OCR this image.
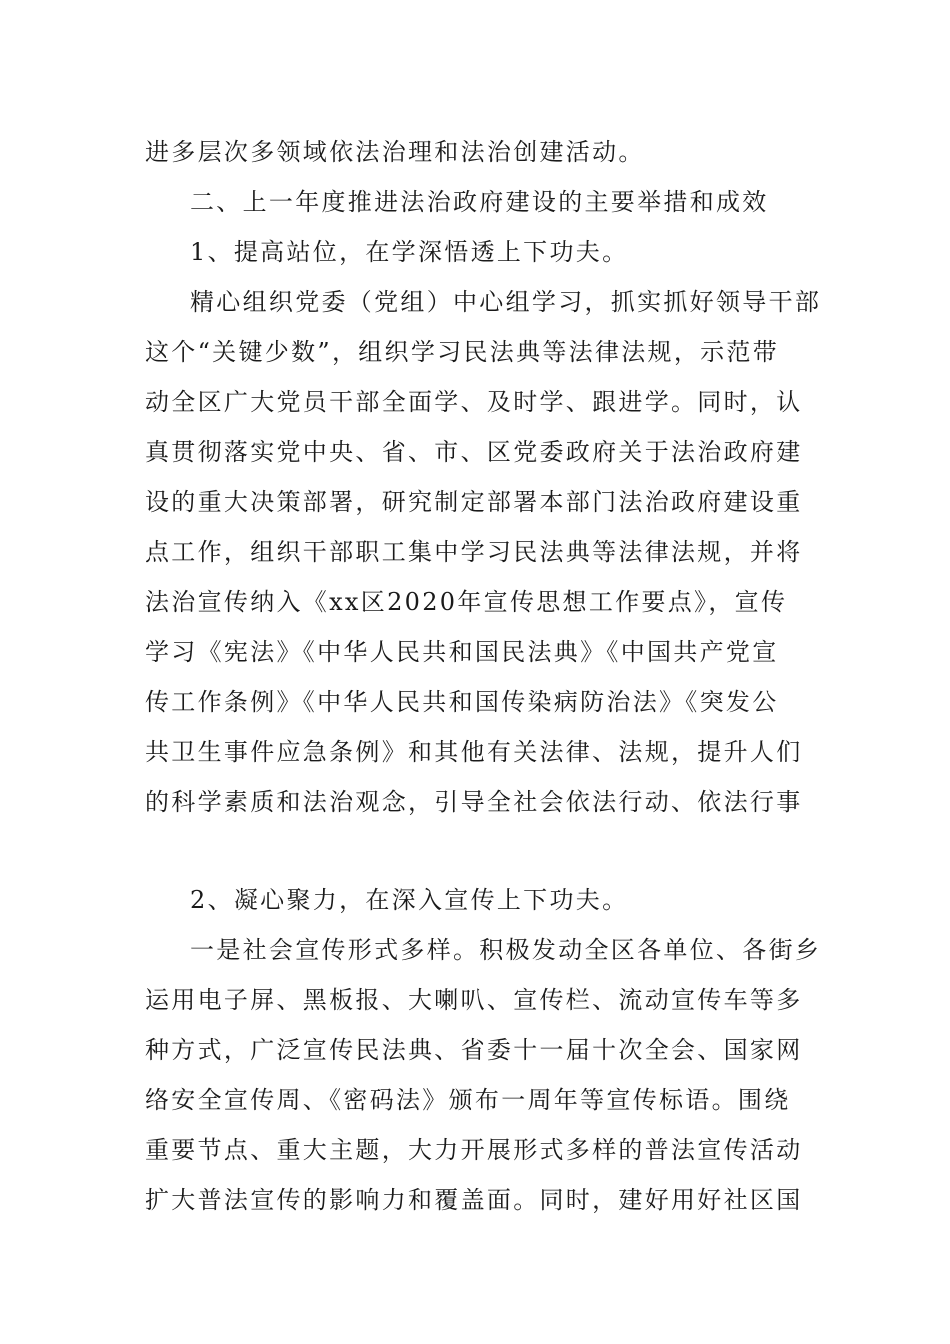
进多层次多领域依法治理和法治创建活动。
二、上一年度推进法治政府建设的主要举措和成效
1、提高站位，在学深悟透上下功夫。
精心组织党委（党组）中心组学习，抓实抓好领导干部
这个“关键少数”，组织学习民法典等法律法规，示范带
动全区广大党员干部全面学、及时学、跟进学。同时，认
真贯彻落实党中央、省、市、区党委政府关于法治政府建
设的重大决策部署，研究制定部署本部门法治政府建设重
点工作，组织干部职工集中学习民法典等法律法规，并将
法治宣传纳入《xx区2020年宣传思想工作要点》，宣传
学习《宪法》《中华人民共和国民法典》《中国共产党宣
传工作条例》《中华人民共和国传染病防治法》《突发公
共卫生事件应急条例》和其他有关法律、法规，提升人们
的科学素质和法治观念，引导全社会依法行动、依法行事
2、凝心聚力，在深入宣传上下功夫。
一是社会宣传形式多样。积极发动全区各单位、各街乡
运用电子屏、黑板报、大喇叭、宣传栏、流动宣传车等多
种方式，广泛宣传民法典、省委十一届十次全会、国家网
络安全宣传周、《密码法》颁布一周年等宣传标语。围绕
重要节点、重大主题，大力开展形式多样的普法宣传活动
扩大普法宣传的影响力和覆盖面。同时，建好用好社区国
